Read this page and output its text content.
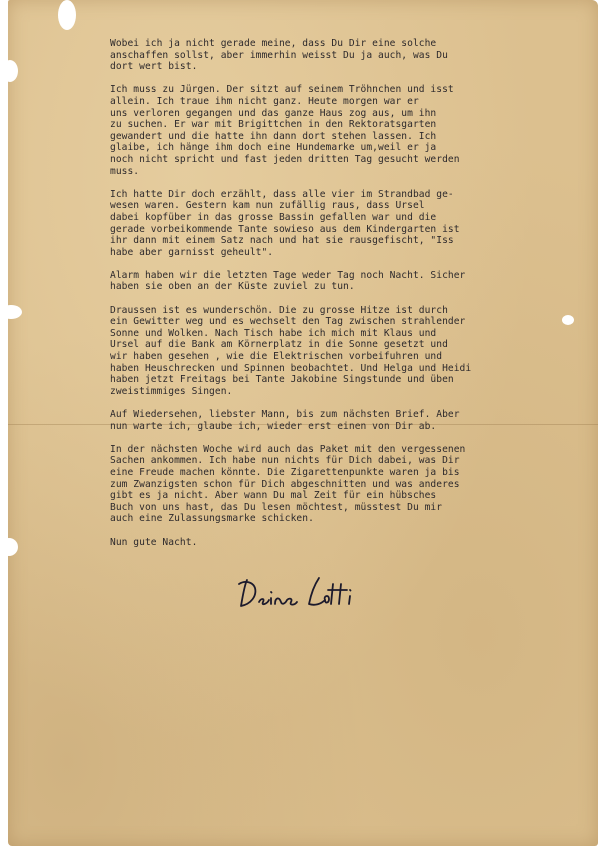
Wobei ich ja nicht gerade meine, dass Du Dir eine solche
anschaffen sollst, aber immerhin weisst Du ja auch, was Du
dort wert bist.
Ich muss zu Jürgen. Der sitzt auf seinem Tröhnchen und isst
allein. Ich traue ihm nicht ganz. Heute morgen war er
uns verloren gegangen und das ganze Haus zog aus, um ihn
zu suchen. Er war mit Brigittchen in den Rektoratsgarten
gewandert und die hatte ihn dann dort stehen lassen. Ich
glaibe, ich hänge ihm doch eine Hundemarke um,weil er ja
noch nicht spricht und fast jeden dritten Tag gesucht werden
muss.
Ich hatte Dir doch erzählt, dass alle vier im Strandbad ge-
wesen waren. Gestern kam nun zufällig raus, dass Ursel
dabei kopfüber in das grosse Bassin gefallen war und die
gerade vorbeikommende Tante sowieso aus dem Kindergarten ist
ihr dann mit einem Satz nach und hat sie rausgefischt, "Iss
habe aber garnisst geheult".
Alarm haben wir die letzten Tage weder Tag noch Nacht. Sicher
haben sie oben an der Küste zuviel zu tun.
Draussen ist es wunderschön. Die zu grosse Hitze ist durch
ein Gewitter weg und es wechselt den Tag zwischen strahlender
Sonne und Wolken. Nach Tisch habe ich mich mit Klaus und
Ursel auf die Bank am Körnerplatz in die Sonne gesetzt und
wir haben gesehen , wie die Elektrischen vorbeifuhren und
haben Heuschrecken und Spinnen beobachtet. Und Helga und Heidi
haben jetzt Freitags bei Tante Jakobine Singstunde und üben
zweistimmiges Singen.
Auf Wiedersehen, liebster Mann, bis zum nächsten Brief. Aber
nun warte ich, glaube ich, wieder erst einen von Dir ab.
In der nächsten Woche wird auch das Paket mit den vergessenen
Sachen ankommen. Ich habe nun nichts für Dich dabei, was Dir
eine Freude machen könnte. Die Zigarettenpunkte waren ja bis
zum Zwanzigsten schon für Dich abgeschnitten und was anderes
gibt es ja nicht. Aber wann Du mal Zeit für ein hübsches
Buch von uns hast, das Du lesen möchtest, müsstest Du mir
auch eine Zulassungsmarke schicken.
Nun gute Nacht.
